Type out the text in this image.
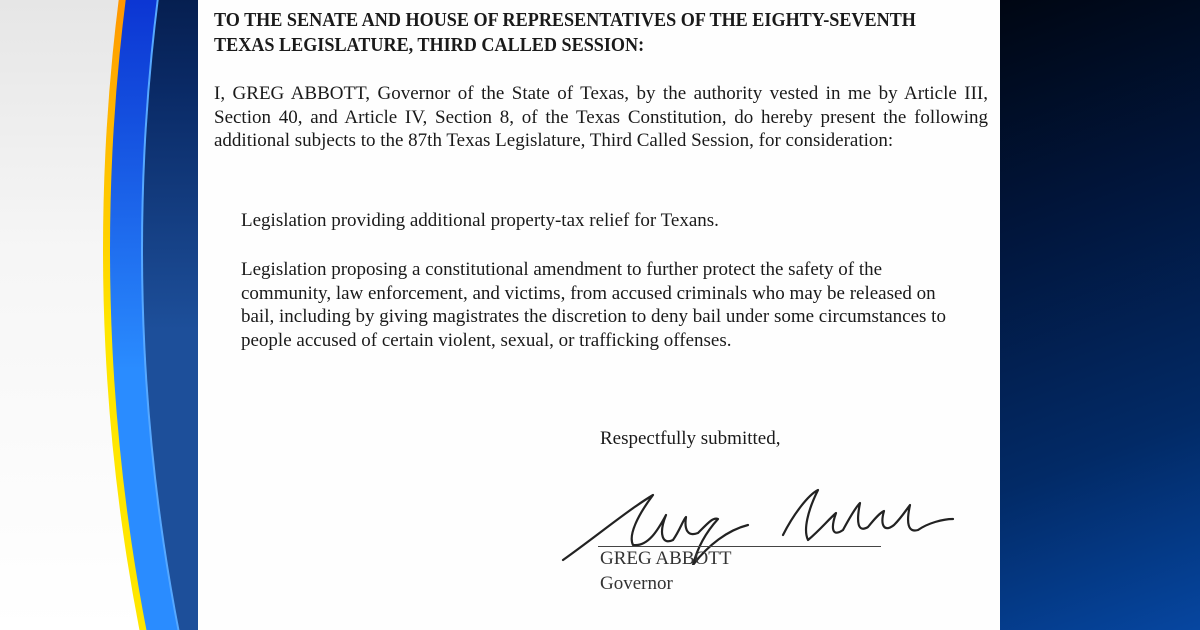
TO THE SENATE AND HOUSE OF REPRESENTATIVES OF THE EIGHTY-SEVENTH TEXAS LEGISLATURE, THIRD CALLED SESSION:
I, GREG ABBOTT, Governor of the State of Texas, by the authority vested in me by Article III, Section 40, and Article IV, Section 8, of the Texas Constitution, do hereby present the following additional subjects to the 87th Texas Legislature, Third Called Session, for consideration:
Legislation providing additional property-tax relief for Texans.
Legislation proposing a constitutional amendment to further protect the safety of the community, law enforcement, and victims, from accused criminals who may be released on bail, including by giving magistrates the discretion to deny bail under some circumstances to people accused of certain violent, sexual, or trafficking offenses.
Respectfully submitted,
GREG ABBOTT
Governor
